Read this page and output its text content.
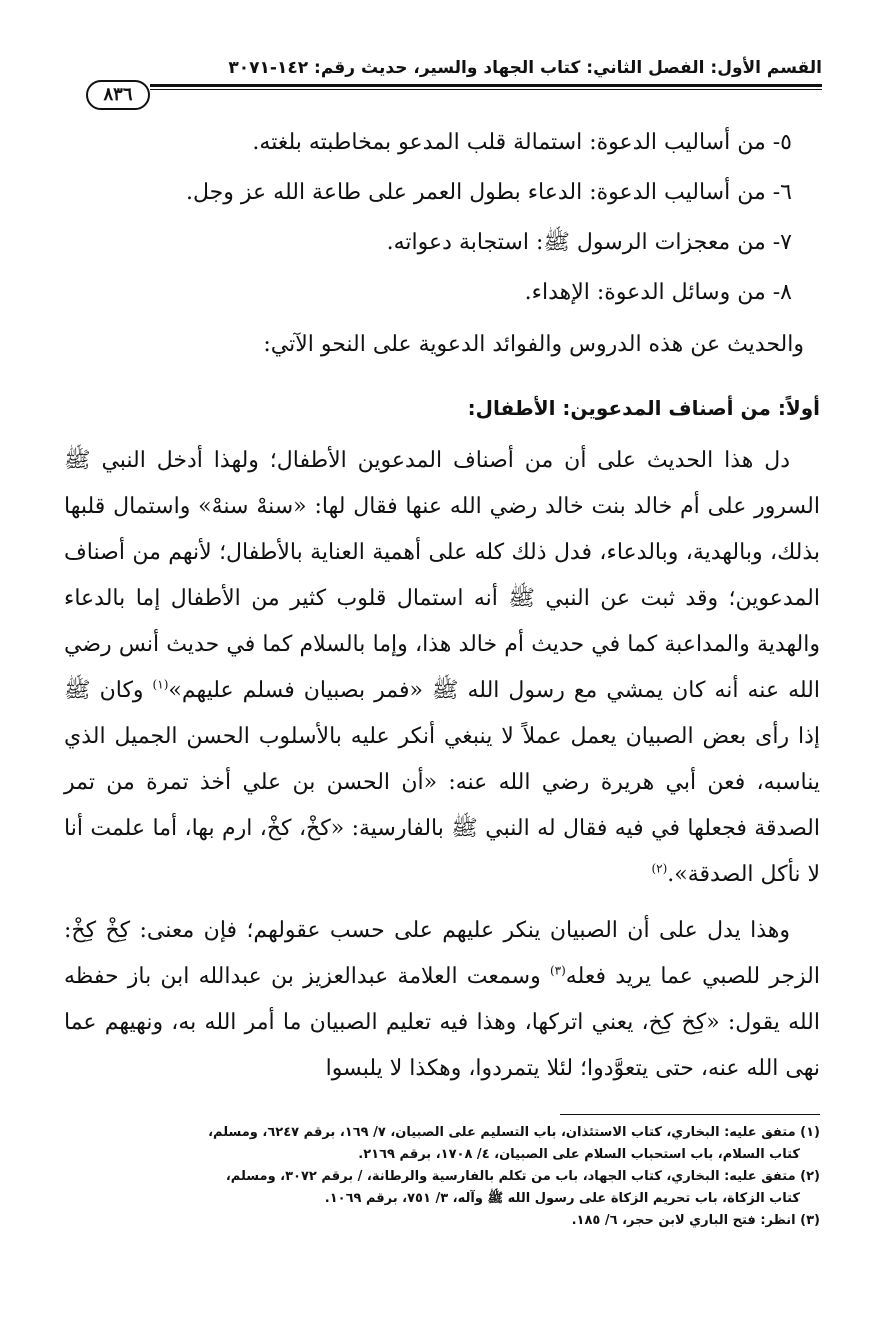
القسم الأول: الفصل الثاني: كتاب الجهاد والسير، حديث رقم: ١٤٢-٣٠٧١
٨٣٦

٥- من أساليب الدعوة: استمالة قلب المدعو بمخاطبته بلغته.

٦- من أساليب الدعوة: الدعاء بطول العمر على طاعة الله عز وجل.

٧- من معجزات الرسول ﷺ: استجابة دعواته.

٨- من وسائل الدعوة: الإهداء.

والحديث عن هذه الدروس والفوائد الدعوية على النحو الآتي:

أولاً: من أصناف المدعوين: الأطفال:

دل هذا الحديث على أن من أصناف المدعوين الأطفال؛ ولهذا أدخل النبي ﷺ السرور على أم خالد بنت خالد رضي الله عنها فقال لها: «سنهْ سنهْ» واستمال قلبها بذلك، وبالهدية، وبالدعاء، فدل ذلك كله على أهمية العناية بالأطفال؛ لأنهم من أصناف المدعوين؛ وقد ثبت عن النبي ﷺ أنه استمال قلوب كثير من الأطفال إما بالدعاء والهدية والمداعبة كما في حديث أم خالد هذا، وإما بالسلام كما في حديث أنس رضي الله عنه أنه كان يمشي مع رسول الله ﷺ «فمر بصبيان فسلم عليهم»$^{(١)}$ وكان ﷺ إذا رأى بعض الصبيان يعمل عملاً لا ينبغي أنكر عليه بالأسلوب الحسن الجميل الذي يناسبه، فعن أبي هريرة رضي الله عنه: «أن الحسن بن علي أخذ تمرة من تمر الصدقة فجعلها في فيه فقال له النبي ﷺ بالفارسية: «كخْ، كخْ، ارم بها، أما علمت أنا لا نأكل الصدقة».$^{(٢)}$

وهذا يدل على أن الصبيان ينكر عليهم على حسب عقولهم؛ فإن معنى: كِخْ كِخْ: الزجر للصبي عما يريد فعله$^{(٣)}$ وسمعت العلامة عبدالعزيز بن عبدالله ابن باز حفظه الله يقول: «كِخ كِخ، يعني اتركها، وهذا فيه تعليم الصبيان ما أمر الله به، ونهيهم عما نهى الله عنه، حتى يتعوَّدوا؛ لئلا يتمردوا، وهكذا لا يلبسوا

(١) متفق عليه: البخاري، كتاب الاستئذان، باب التسليم على الصبيان، ٧/ ١٦٩، برقم ٦٢٤٧، ومسلم،

كتاب السلام، باب استحباب السلام على الصبيان، ٤/ ١٧٠٨، برقم ٢١٦٩.

(٢) متفق عليه: البخاري، كتاب الجهاد، باب من تكلم بالفارسية والرطانة، / برقم ٣٠٧٢، ومسلم،

كتاب الزكاة، باب تحريم الزكاة على رسول الله ﷺ وآله، ٣/ ٧٥١، برقم ١٠٦٩.

(٣) انظر: فتح الباري لابن حجر، ٦/ ١٨٥.
